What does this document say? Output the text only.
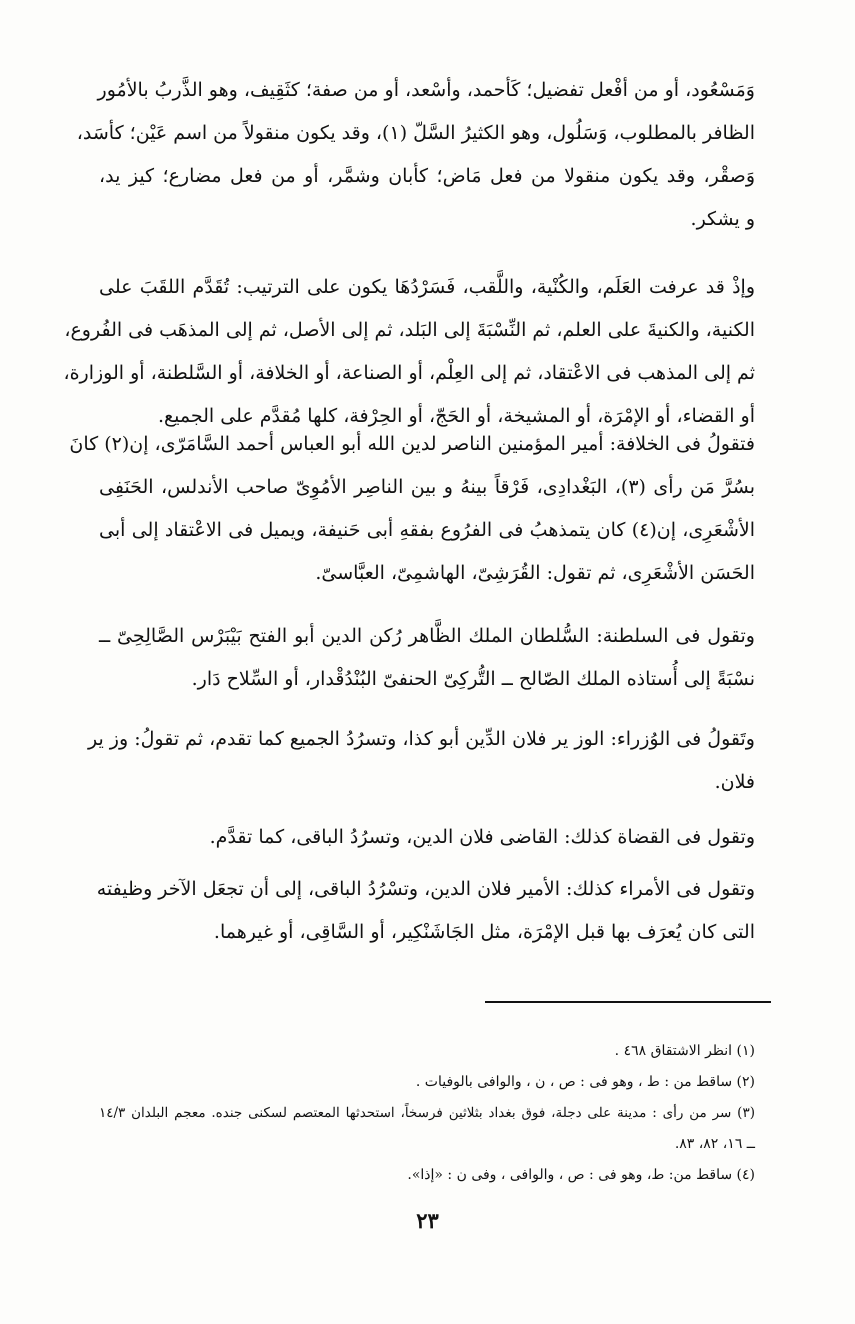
وَمَسْعُود، أو من أفْعل تفضيل؛ كَأحمد، وأسْعد، أو من صفة؛ كثَقِيف، وهو الذَّربُ بالأمُور
الظافر بالمطلوب، وَسَلُول، وهو الكثيرُ السَّلّ (١)، وقد يكون منقولاً من اسم عَيْن؛ كأسَد،
وَصقْر، وقد يكون منقولا من فعل مَاض؛ كأبان وشمَّر، أو من فعل مضارع؛ كيز يد،
و يشكر.

وإذْ قد عرفت العَلَم، والكُنْية، واللَّقب، فَسَرْدُهَا يكون على الترتيب: تُقَدَّم اللقَبَ على
الكنية، والكنيةَ على العلم، ثم النِّسْبَةَ إلى البَلد، ثم إلى الأصل، ثم إلى المذهَب فى الفُروع،
ثم إلى المذهب فى الاعْتقاد، ثم إلى العِلْم، أو الصناعة، أو الخلافة، أو السَّلطنة، أو الوزارة،
أو القضاء، أو الإمْرَة، أو المشيخة، أو الحَجّ، أو الحِرْفة، كلها مُقدَّم على الجميع.

فتقولُ فى الخلافة: أمير المؤمنين الناصر لدين الله أبو العباس أحمد السَّامَرّى، إن(٢) كانَ
بسُرَّ مَن رأى (٣)، البَغْدادِى، فَرْقاً بينهُ و بين الناصِر الأمُوِىّ صاحب الأندلس، الحَنَفِى
الأشْعَرِى، إن(٤) كان يتمذهبُ فى الفرُوع بفقهِ أبى حَنيفة، ويميل فى الاعْتقاد إلى أبى
الحَسَن الأشْعَرِى، ثم تقول: القُرَشِىّ، الهاشمِىّ، العبَّاسىّ.

وتقول فى السلطنة: السُّلطان الملك الظَّاهر رُكن الدين أبو الفتح بَيْبَرْس الصَّالِحِىّ ــ
نسْبَةً إلى أُستاذه الملك الصّالح ــ التُّركِىّ الحنفىّ البُنْدُقْدار، أو السِّلاح دَار.

وتَقولُ فى الوُزراء: الوز ير فلان الدِّين أبو كذا، وتسرُدُ الجميع كما تقدم، ثم تقولُ: وز ير
فلان.

وتقول فى القضاة كذلك: القاضى فلان الدين، وتسرُدُ الباقى، كما تقدَّم.

وتقول فى الأمراء كذلك: الأمير فلان الدين، وتسْرُدُ الباقى، إلى أن تجعَل الآخر وظيفته
التى كان يُعرَف بها قبل الإمْرَة، مثل الجَاشَنْكِير، أو السَّاقِى، أو غيرهما.

(١) انظر الاشتقاق ٤٦٨ .
(٢) ساقط من : ط ، وهو فى : ص ، ن ، والوافى بالوفيات .
(٣) سر من رأى : مدينة على دجلة، فوق بغداد بثلاثين فرسخاً، استحدثها المعتصم لسكنى جنده. معجم البلدان ١٤/٣
ــ ١٦، ٨٢، ٨٣.
(٤) ساقط من: ط، وهو فى : ص ، والوافى ، وفى ن : «إذا».
٢٣
